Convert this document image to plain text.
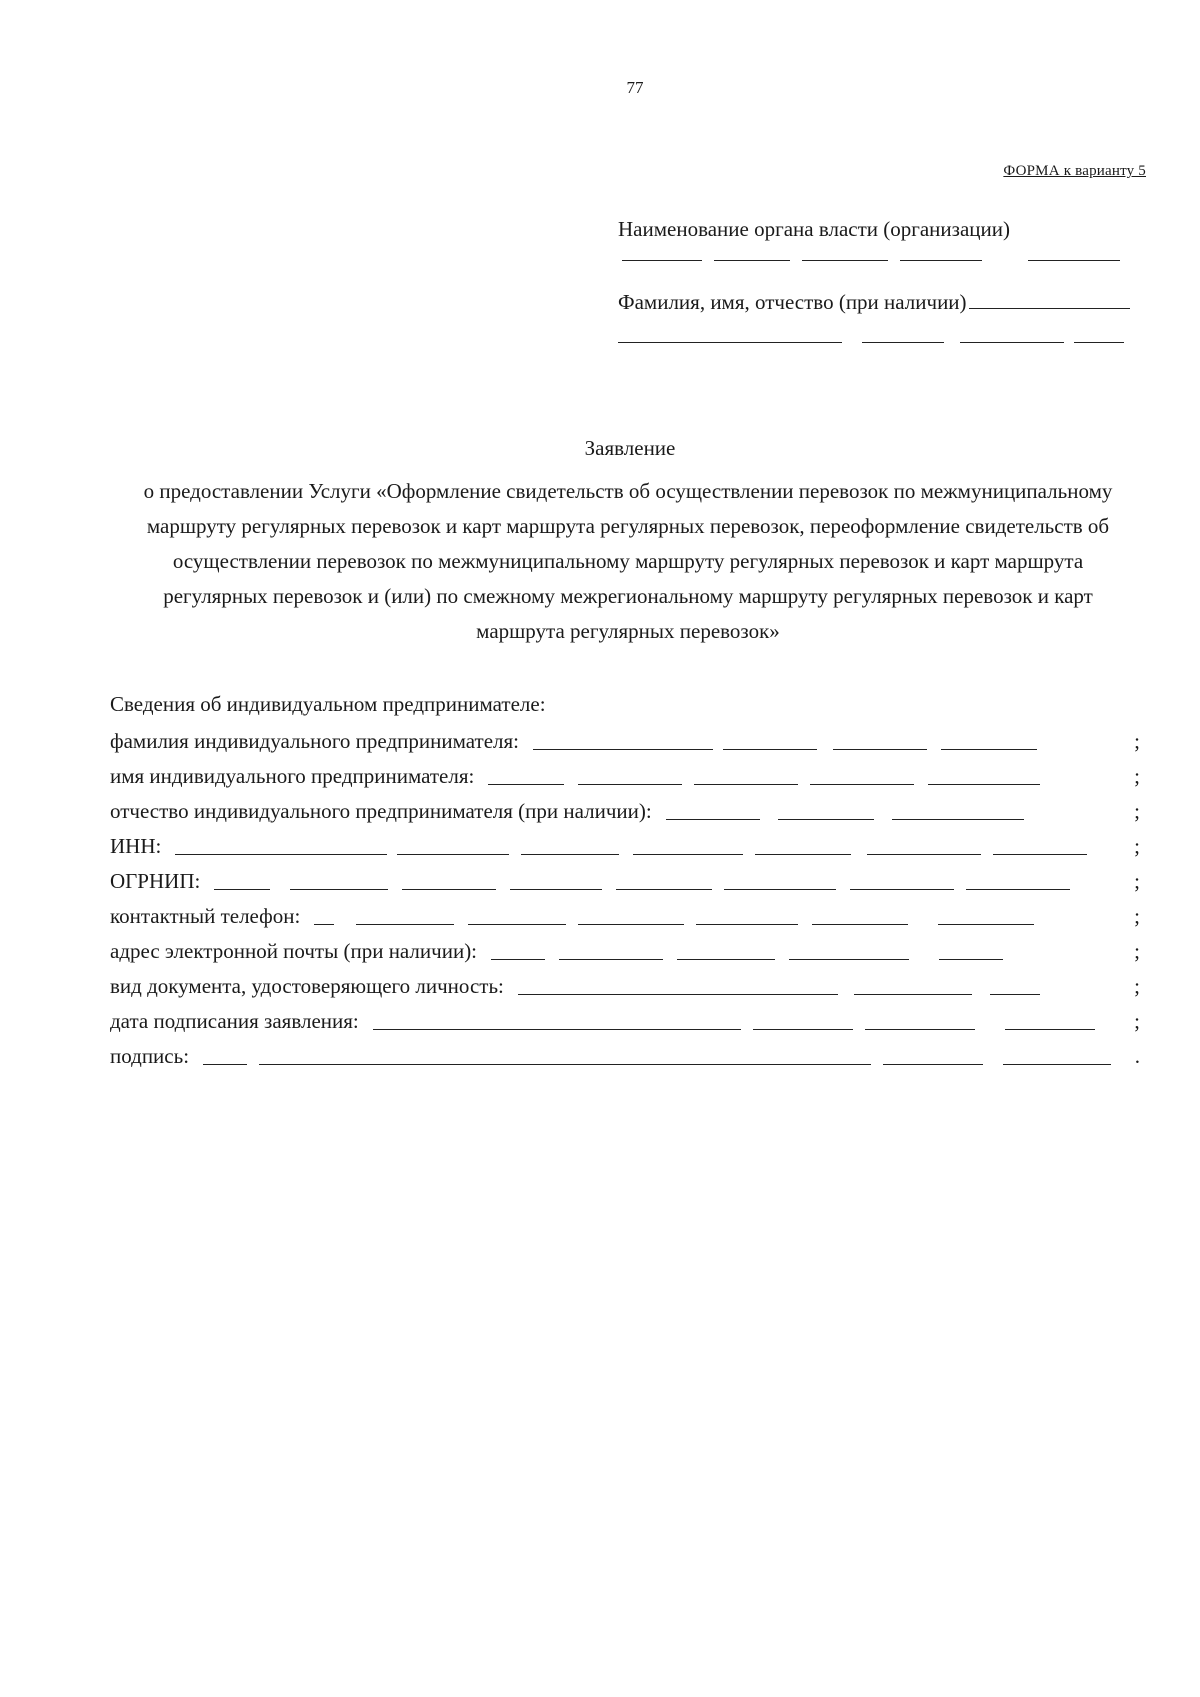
77
ФОРМА к варианту 5
Наименование органа власти (организации)
Фамилия, имя, отчество (при наличии)
Заявление
о предоставлении Услуги «Оформление свидетельств об осуществлении перевозок по межмуниципальному маршруту регулярных перевозок и карт маршрута регулярных перевозок, переоформление свидетельств об осуществлении перевозок по межмуниципальному маршруту регулярных перевозок и карт маршрута регулярных перевозок и (или) по смежному межрегиональному маршруту регулярных перевозок и карт маршрута регулярных перевозок»
Сведения об индивидуальном предпринимателе:
фамилия индивидуального предпринимателя:	;
имя индивидуального предпринимателя:	;
отчество индивидуального предпринимателя (при наличии):	;
ИНН:	;
ОГРНИП:	;
контактный телефон:	;
адрес электронной почты (при наличии):	;
вид документа, удостоверяющего личность:	;
дата подписания заявления:	;
подпись:	.
